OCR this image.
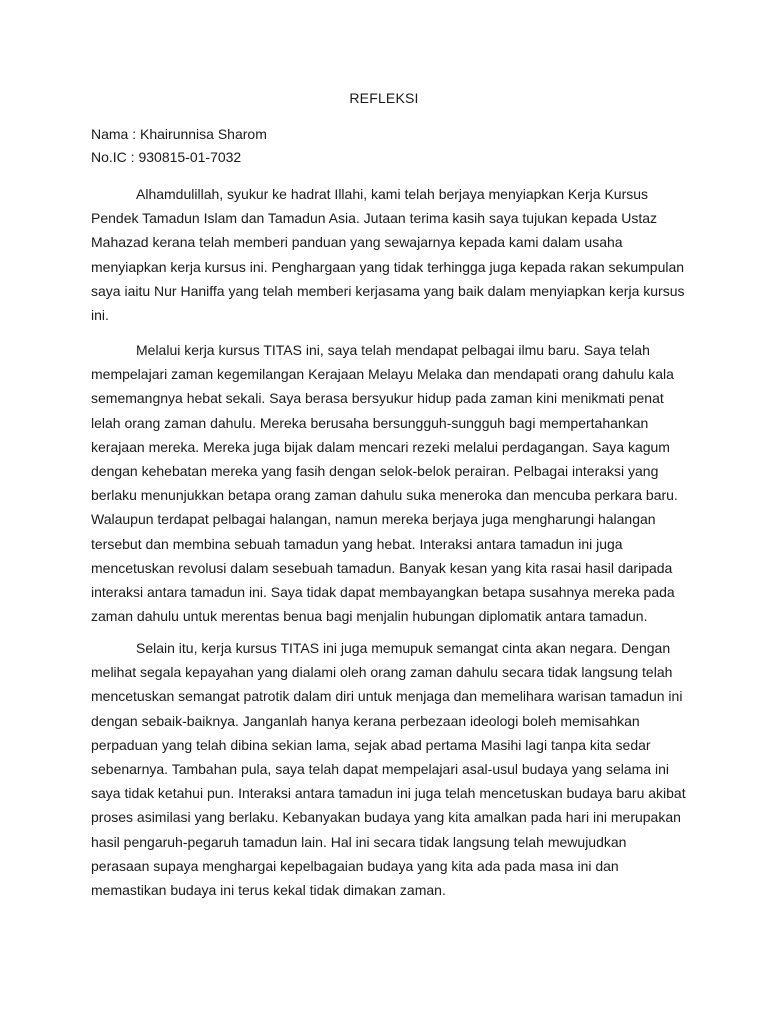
REFLEKSI
Nama : Khairunnisa Sharom
No.IC : 930815-01-7032

Alhamdulillah, syukur ke hadrat Illahi, kami telah berjaya menyiapkan Kerja Kursus
Pendek Tamadun Islam dan Tamadun Asia. Jutaan terima kasih saya tujukan kepada Ustaz
Mahazad kerana telah memberi panduan yang sewajarnya kepada kami dalam usaha
menyiapkan kerja kursus ini. Penghargaan yang tidak terhingga juga kepada rakan sekumpulan
saya iaitu Nur Haniffa yang telah memberi kerjasama yang baik dalam menyiapkan kerja kursus
ini.

Melalui kerja kursus TITAS ini, saya telah mendapat pelbagai ilmu baru. Saya telah
mempelajari zaman kegemilangan Kerajaan Melayu Melaka dan mendapati orang dahulu kala
sememangnya hebat sekali. Saya berasa bersyukur hidup pada zaman kini menikmati penat
lelah orang zaman dahulu. Mereka berusaha bersungguh-sungguh bagi mempertahankan
kerajaan mereka. Mereka juga bijak dalam mencari rezeki melalui perdagangan. Saya kagum
dengan kehebatan mereka yang fasih dengan selok-belok perairan. Pelbagai interaksi yang
berlaku menunjukkan betapa orang zaman dahulu suka meneroka dan mencuba perkara baru.
Walaupun terdapat pelbagai halangan, namun mereka berjaya juga mengharungi halangan
tersebut dan membina sebuah tamadun yang hebat. Interaksi antara tamadun ini juga
mencetuskan revolusi dalam sesebuah tamadun. Banyak kesan yang kita rasai hasil daripada
interaksi antara tamadun ini. Saya tidak dapat membayangkan betapa susahnya mereka pada
zaman dahulu untuk merentas benua bagi menjalin hubungan diplomatik antara tamadun.

Selain itu, kerja kursus TITAS ini juga memupuk semangat cinta akan negara. Dengan
melihat segala kepayahan yang dialami oleh orang zaman dahulu secara tidak langsung telah
mencetuskan semangat patrotik dalam diri untuk menjaga dan memelihara warisan tamadun ini
dengan sebaik-baiknya. Janganlah hanya kerana perbezaan ideologi boleh memisahkan
perpaduan yang telah dibina sekian lama, sejak abad pertama Masihi lagi tanpa kita sedar
sebenarnya. Tambahan pula, saya telah dapat mempelajari asal-usul budaya yang selama ini
saya tidak ketahui pun. Interaksi antara tamadun ini juga telah mencetuskan budaya baru akibat
proses asimilasi yang berlaku. Kebanyakan budaya yang kita amalkan pada hari ini merupakan
hasil pengaruh-pegaruh tamadun lain. Hal ini secara tidak langsung telah mewujudkan
perasaan supaya menghargai kepelbagaian budaya yang kita ada pada masa ini dan
memastikan budaya ini terus kekal tidak dimakan zaman.
